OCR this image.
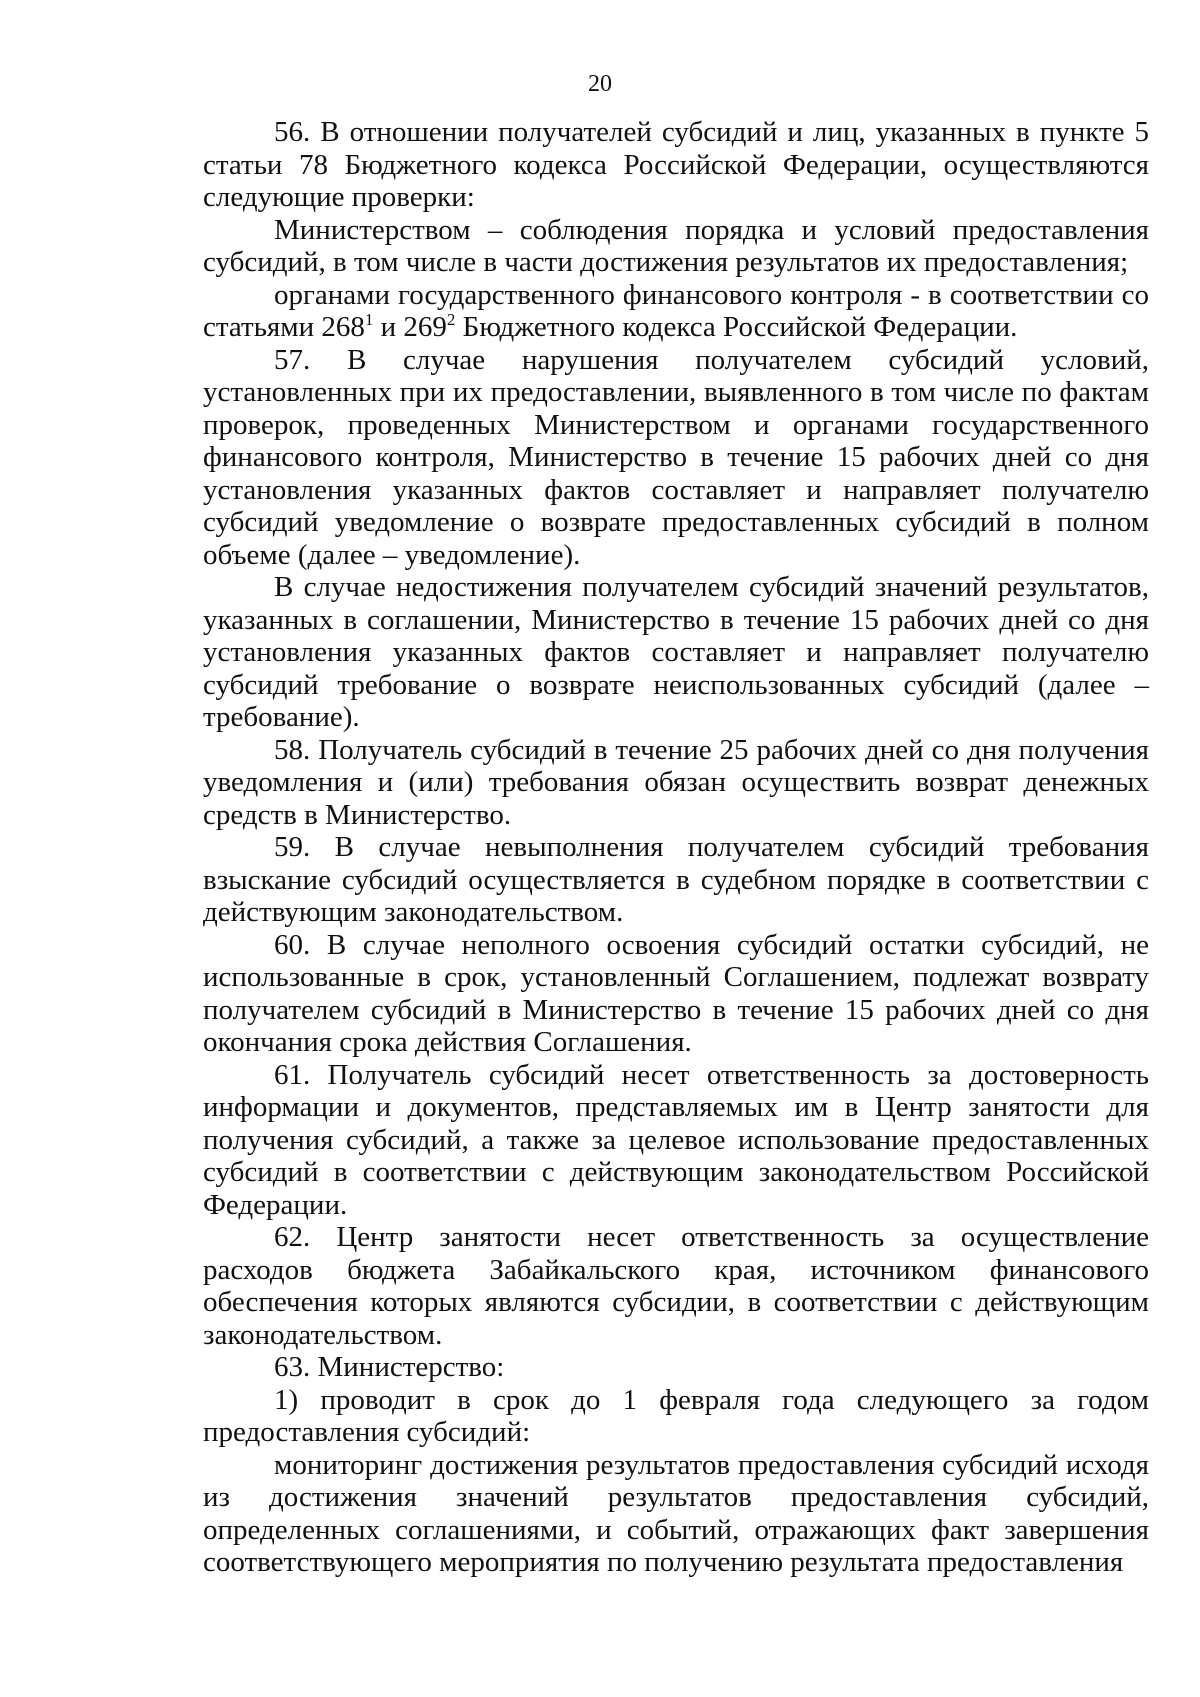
20

56. В отношении получателей субсидий и лиц, указанных в пункте 5 статьи 78 Бюджетного кодекса Российской Федерации, осуществляются следующие проверки:

Министерством – соблюдения порядка и условий предоставления субсидий, в том числе в части достижения результатов их предоставления;

органами государственного финансового контроля - в соответствии со статьями $268^1$ и $269^2$ Бюджетного кодекса Российской Федерации.

57. В случае нарушения получателем субсидий условий, установленных при их предоставлении, выявленного в том числе по фактам проверок, проведенных Министерством и органами государственного финансового контроля, Министерство в течение 15 рабочих дней со дня установления указанных фактов составляет и направляет получателю субсидий уведомление о возврате предоставленных субсидий в полном объеме (далее – уведомление).

В случае недостижения получателем субсидий значений результатов, указанных в соглашении, Министерство в течение 15 рабочих дней со дня установления указанных фактов составляет и направляет получателю субсидий требование о возврате неиспользованных субсидий (далее – требование).

58. Получатель субсидий в течение 25 рабочих дней со дня получения уведомления и (или) требования обязан осуществить возврат денежных средств в Министерство.

59. В случае невыполнения получателем субсидий требования взыскание субсидий осуществляется в судебном порядке в соответствии с действующим законодательством.

60. В случае неполного освоения субсидий остатки субсидий, не использованные в срок, установленный Соглашением, подлежат возврату получателем субсидий в Министерство в течение 15 рабочих дней со дня окончания срока действия Соглашения.

61. Получатель субсидий несет ответственность за достоверность информации и документов, представляемых им в Центр занятости для получения субсидий, а также за целевое использование предоставленных субсидий в соответствии с действующим законодательством Российской Федерации.

62. Центр занятости несет ответственность за осуществление расходов бюджета Забайкальского края, источником финансового обеспечения которых являются субсидии, в соответствии с действующим законодательством.

63. Министерство:

1) проводит в срок до 1 февраля года следующего за годом предоставления субсидий:

мониторинг достижения результатов предоставления субсидий исходя из достижения значений результатов предоставления субсидий, определенных соглашениями, и событий, отражающих факт завершения соответствующего мероприятия по получению результата предоставления
